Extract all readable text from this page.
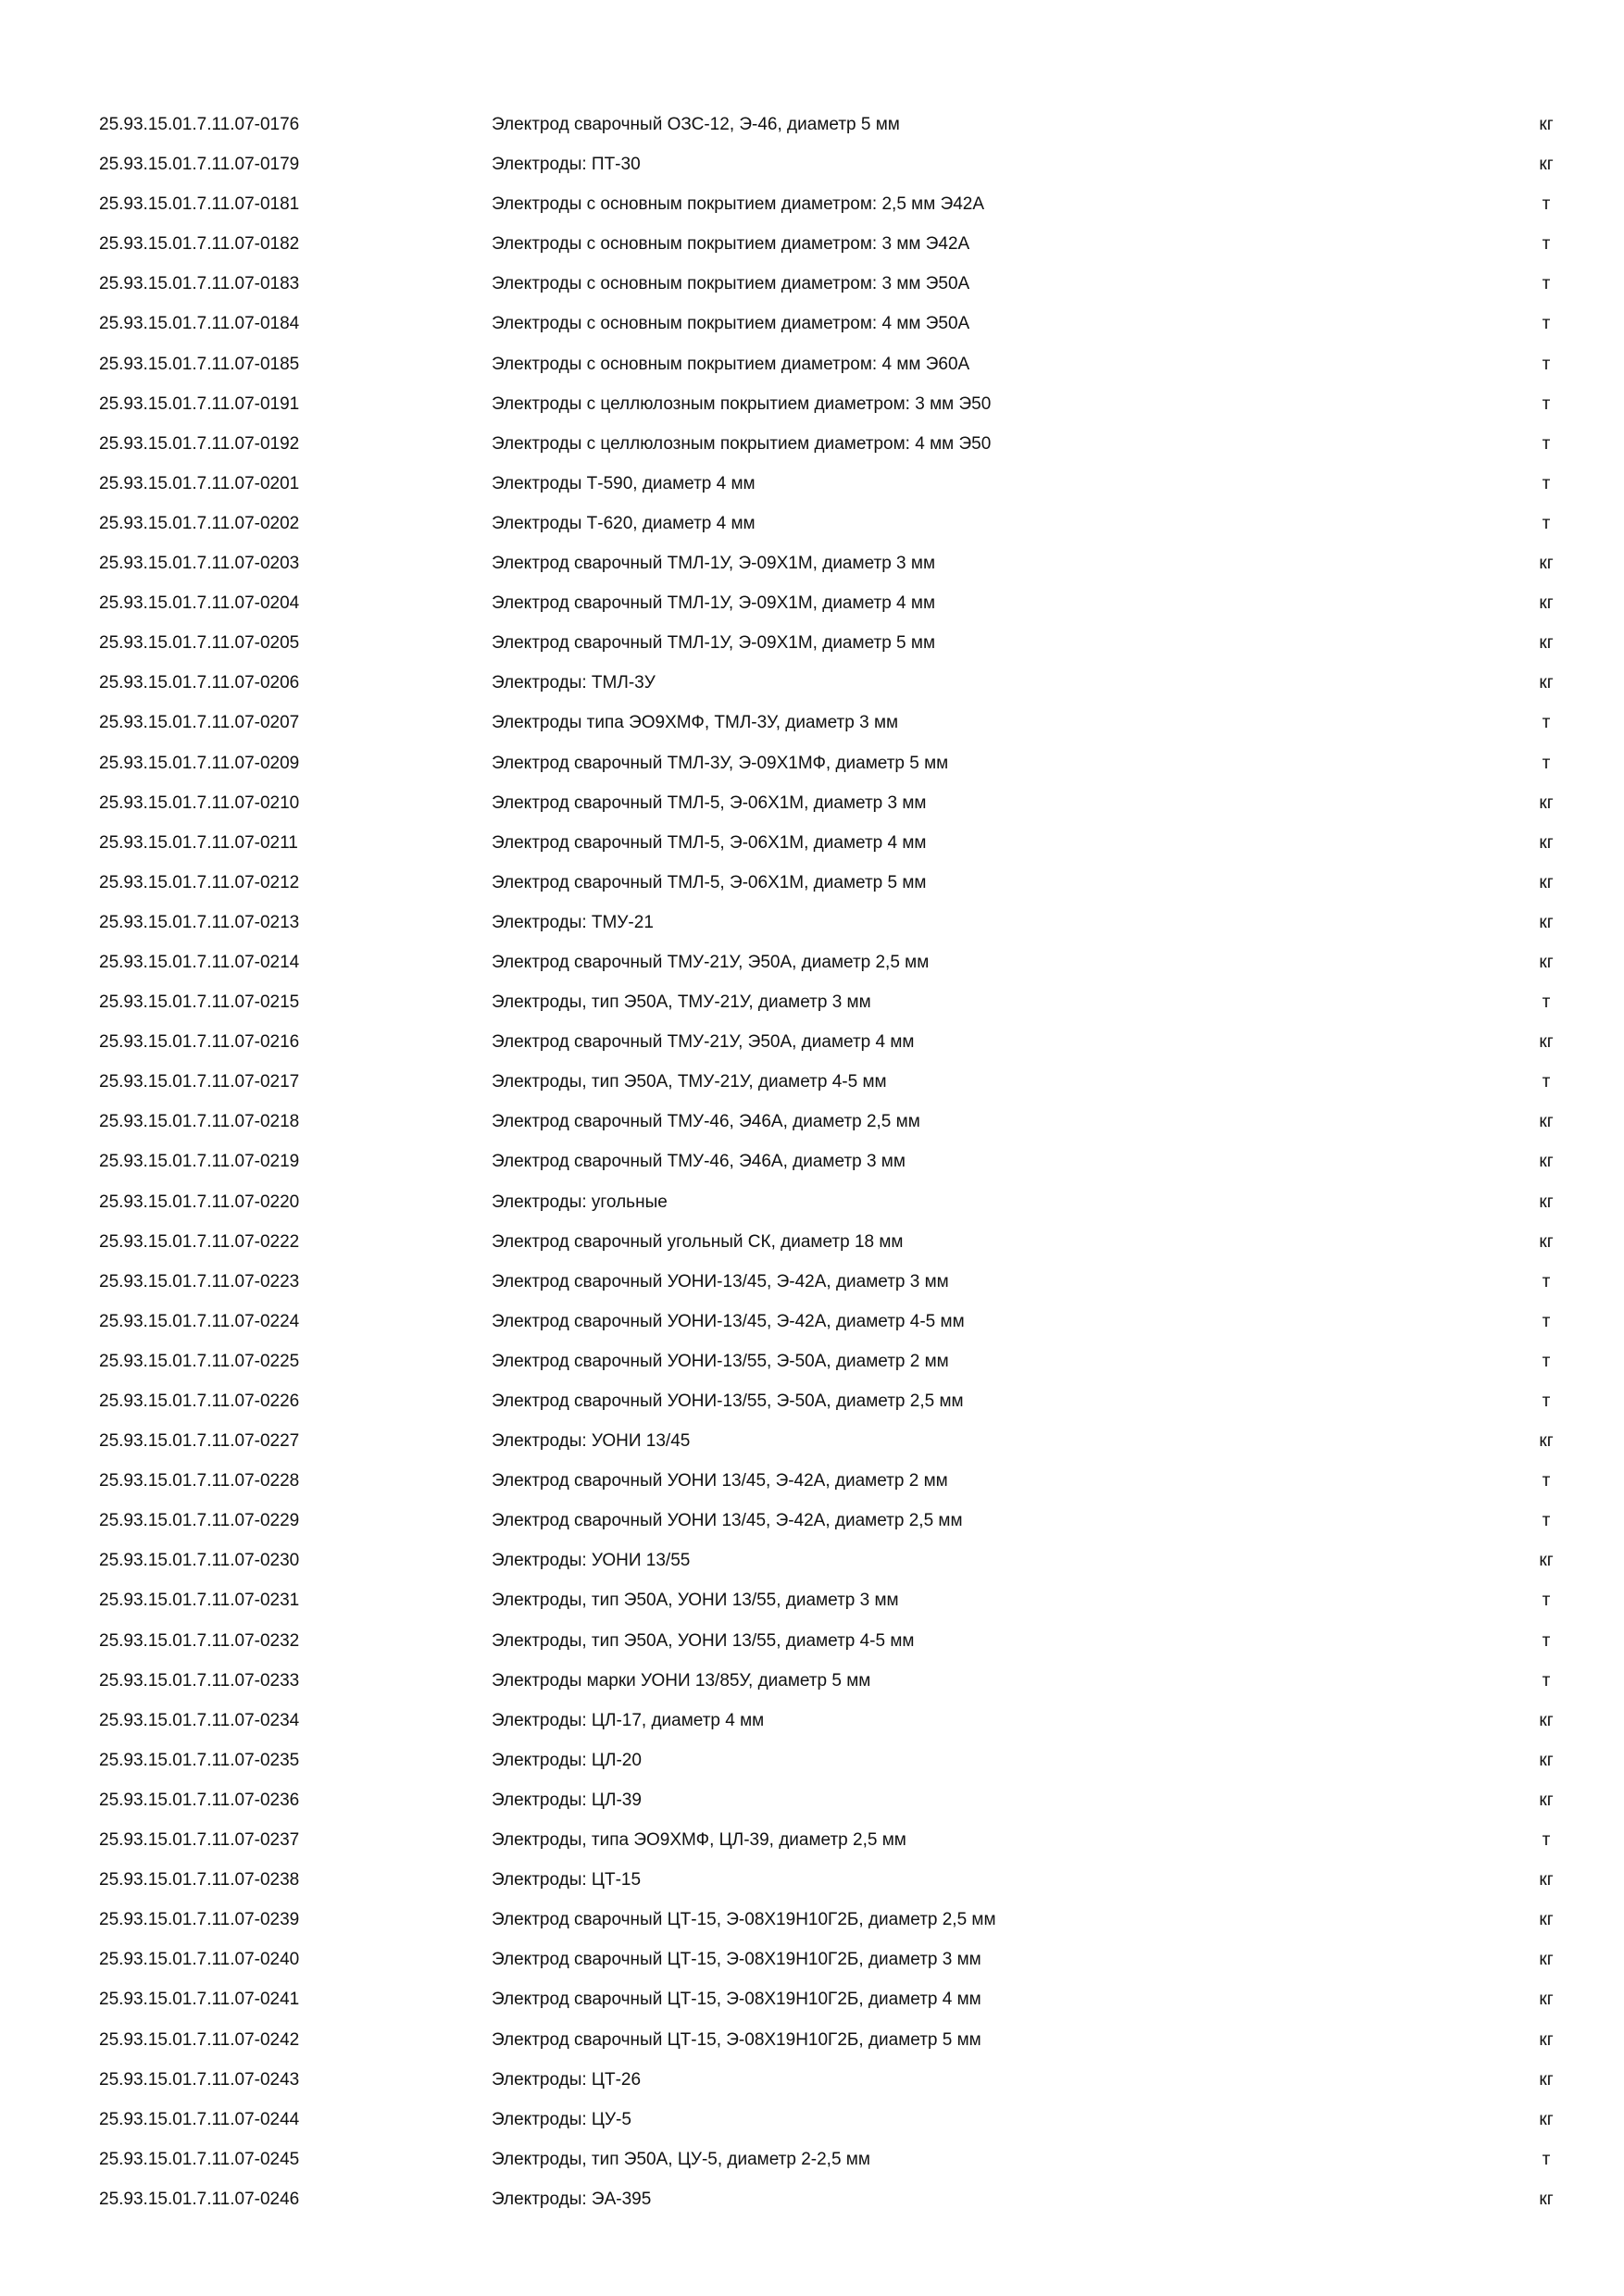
25.93.15.01.7.11.07-0176	Электрод сварочный ОЗС-12, Э-46, диаметр 5 мм	кг
25.93.15.01.7.11.07-0179	Электроды: ПТ-30	кг
25.93.15.01.7.11.07-0181	Электроды с основным покрытием диаметром: 2,5 мм Э42А	т
25.93.15.01.7.11.07-0182	Электроды с основным покрытием диаметром: 3 мм Э42А	т
25.93.15.01.7.11.07-0183	Электроды с основным покрытием диаметром: 3 мм Э50А	т
25.93.15.01.7.11.07-0184	Электроды с основным покрытием диаметром: 4 мм Э50А	т
25.93.15.01.7.11.07-0185	Электроды с основным покрытием диаметром: 4 мм Э60А	т
25.93.15.01.7.11.07-0191	Электроды с целлюлозным покрытием диаметром: 3 мм Э50	т
25.93.15.01.7.11.07-0192	Электроды с целлюлозным покрытием диаметром: 4 мм Э50	т
25.93.15.01.7.11.07-0201	Электроды Т-590, диаметр 4 мм	т
25.93.15.01.7.11.07-0202	Электроды Т-620, диаметр 4 мм	т
25.93.15.01.7.11.07-0203	Электрод сварочный ТМЛ-1У, Э-09Х1М, диаметр 3 мм	кг
25.93.15.01.7.11.07-0204	Электрод сварочный ТМЛ-1У, Э-09Х1М, диаметр 4 мм	кг
25.93.15.01.7.11.07-0205	Электрод сварочный ТМЛ-1У, Э-09Х1М, диаметр 5 мм	кг
25.93.15.01.7.11.07-0206	Электроды: ТМЛ-3У	кг
25.93.15.01.7.11.07-0207	Электроды типа ЭО9ХМФ, ТМЛ-3У, диаметр 3 мм	т
25.93.15.01.7.11.07-0209	Электрод сварочный ТМЛ-3У, Э-09Х1МФ, диаметр 5 мм	т
25.93.15.01.7.11.07-0210	Электрод сварочный ТМЛ-5, Э-06Х1М, диаметр 3 мм	кг
25.93.15.01.7.11.07-0211	Электрод сварочный ТМЛ-5, Э-06Х1М, диаметр 4 мм	кг
25.93.15.01.7.11.07-0212	Электрод сварочный ТМЛ-5, Э-06Х1М, диаметр 5 мм	кг
25.93.15.01.7.11.07-0213	Электроды: ТМУ-21	кг
25.93.15.01.7.11.07-0214	Электрод сварочный ТМУ-21У, Э50А, диаметр 2,5 мм	кг
25.93.15.01.7.11.07-0215	Электроды, тип Э50А, ТМУ-21У, диаметр 3 мм	т
25.93.15.01.7.11.07-0216	Электрод сварочный ТМУ-21У, Э50А, диаметр 4 мм	кг
25.93.15.01.7.11.07-0217	Электроды, тип Э50А, ТМУ-21У, диаметр 4-5 мм	т
25.93.15.01.7.11.07-0218	Электрод сварочный ТМУ-46, Э46А, диаметр 2,5 мм	кг
25.93.15.01.7.11.07-0219	Электрод сварочный ТМУ-46, Э46А, диаметр 3 мм	кг
25.93.15.01.7.11.07-0220	Электроды: угольные	кг
25.93.15.01.7.11.07-0222	Электрод сварочный угольный СК, диаметр 18 мм	кг
25.93.15.01.7.11.07-0223	Электрод сварочный УОНИ-13/45, Э-42А, диаметр 3 мм	т
25.93.15.01.7.11.07-0224	Электрод сварочный УОНИ-13/45, Э-42А, диаметр 4-5 мм	т
25.93.15.01.7.11.07-0225	Электрод сварочный УОНИ-13/55, Э-50А, диаметр 2 мм	т
25.93.15.01.7.11.07-0226	Электрод сварочный УОНИ-13/55, Э-50А, диаметр 2,5 мм	т
25.93.15.01.7.11.07-0227	Электроды: УОНИ 13/45	кг
25.93.15.01.7.11.07-0228	Электрод сварочный УОНИ 13/45, Э-42А, диаметр 2 мм	т
25.93.15.01.7.11.07-0229	Электрод сварочный УОНИ 13/45, Э-42А, диаметр 2,5 мм	т
25.93.15.01.7.11.07-0230	Электроды: УОНИ 13/55	кг
25.93.15.01.7.11.07-0231	Электроды, тип Э50А, УОНИ 13/55, диаметр 3 мм	т
25.93.15.01.7.11.07-0232	Электроды, тип Э50А, УОНИ 13/55, диаметр 4-5 мм	т
25.93.15.01.7.11.07-0233	Электроды марки УОНИ 13/85У, диаметр 5 мм	т
25.93.15.01.7.11.07-0234	Электроды: ЦЛ-17, диаметр 4 мм	кг
25.93.15.01.7.11.07-0235	Электроды: ЦЛ-20	кг
25.93.15.01.7.11.07-0236	Электроды: ЦЛ-39	кг
25.93.15.01.7.11.07-0237	Электроды, типа ЭО9ХМФ, ЦЛ-39, диаметр 2,5 мм	т
25.93.15.01.7.11.07-0238	Электроды: ЦТ-15	кг
25.93.15.01.7.11.07-0239	Электрод сварочный ЦТ-15, Э-08Х19Н10Г2Б, диаметр 2,5 мм	кг
25.93.15.01.7.11.07-0240	Электрод сварочный ЦТ-15, Э-08Х19Н10Г2Б, диаметр 3 мм	кг
25.93.15.01.7.11.07-0241	Электрод сварочный ЦТ-15, Э-08Х19Н10Г2Б, диаметр 4 мм	кг
25.93.15.01.7.11.07-0242	Электрод сварочный ЦТ-15, Э-08Х19Н10Г2Б, диаметр 5 мм	кг
25.93.15.01.7.11.07-0243	Электроды: ЦТ-26	кг
25.93.15.01.7.11.07-0244	Электроды: ЦУ-5	кг
25.93.15.01.7.11.07-0245	Электроды, тип Э50А, ЦУ-5, диаметр 2-2,5 мм	т
25.93.15.01.7.11.07-0246	Электроды: ЭА-395	кг
